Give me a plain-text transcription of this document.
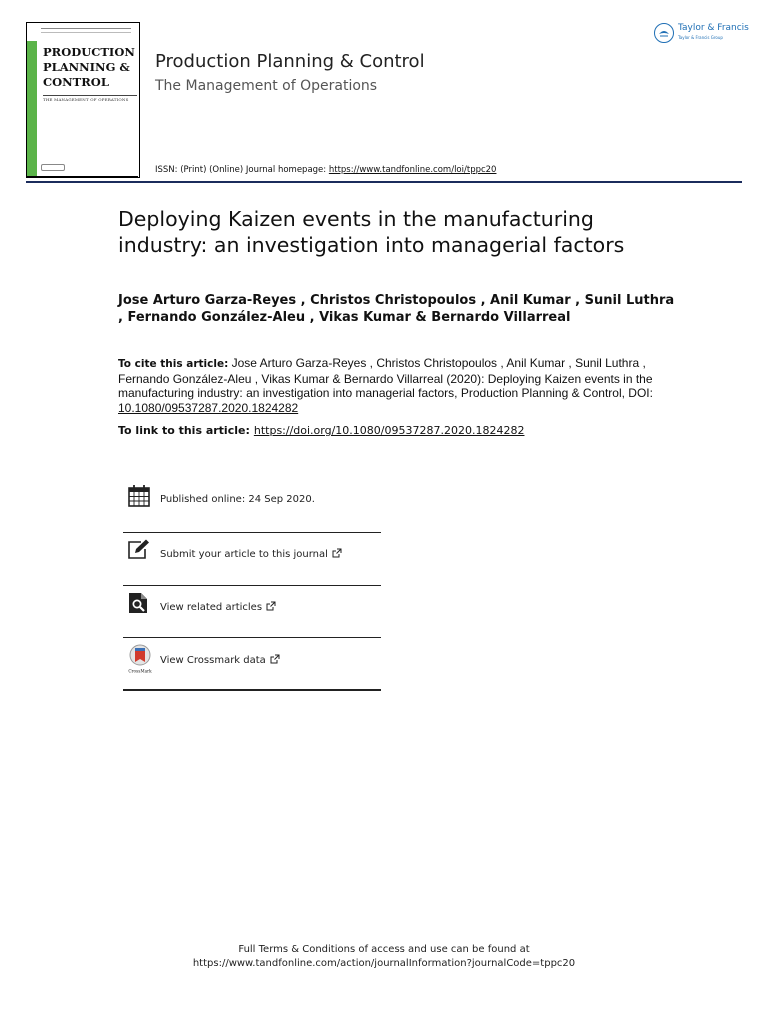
PRODUCTION
PLANNING &
CONTROL
THE MANAGEMENT OF OPERATIONS
Production Planning & Control
The Management of Operations
ISSN: (Print) (Online) Journal homepage: https://www.tandfonline.com/loi/tppc20
Taylor & Francis
Taylor & Francis Group
Deploying Kaizen events in the manufacturing industry: an investigation into managerial factors
Jose Arturo Garza-Reyes , Christos Christopoulos , Anil Kumar , Sunil Luthra , Fernando González-Aleu , Vikas Kumar & Bernardo Villarreal
To cite this article: Jose Arturo Garza-Reyes , Christos Christopoulos , Anil Kumar , Sunil Luthra , Fernando González-Aleu , Vikas Kumar & Bernardo Villarreal (2020): Deploying Kaizen events in the manufacturing industry: an investigation into managerial factors, Production Planning & Control, DOI: 10.1080/09537287.2020.1824282
To link to this article: https://doi.org/10.1080/09537287.2020.1824282
Published online: 24 Sep 2020.
Submit your article to this journal
View related articles
CrossMark
View Crossmark data
Full Terms & Conditions of access and use can be found at
https://www.tandfonline.com/action/journalInformation?journalCode=tppc20
